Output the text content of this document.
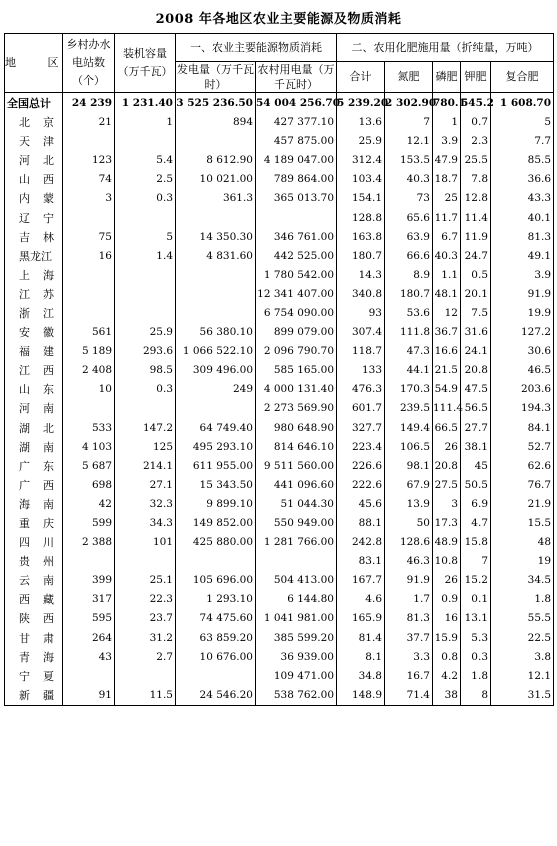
2008 年各地区农业主要能源及物质消耗
地 区	乡村办水电站数（个）	装机容量（万千瓦）	一、农业主要能源物质消耗		二、农用化肥施用量（折纯量，万吨）				
			发电量（万千瓦时）	农村用电量（万千瓦时）	合计	氮肥	磷肥	钾肥	复合肥
全国总计	24 239	1 231.40	3 525 236.50	54 004 256.70	5 239.20	2 302.90	780.1	545.2	1 608.70
北京	21	1	894	427 377.10	13.6	7	1	0.7	5
天津				457 875.00	25.9	12.1	3.9	2.3	7.7
河北	123	5.4	8 612.90	4 189 047.00	312.4	153.5	47.9	25.5	85.5
山西	74	2.5	10 021.00	789 864.00	103.4	40.3	18.7	7.8	36.6
内蒙	3	0.3	361.3	365 013.70	154.1	73	25	12.8	43.3
辽宁					128.8	65.6	11.7	11.4	40.1
吉林	75	5	14 350.30	346 761.00	163.8	63.9	6.7	11.9	81.3
黑龙江	16	1.4	4 831.60	442 525.00	180.7	66.6	40.3	24.7	49.1
上海				1 780 542.00	14.3	8.9	1.1	0.5	3.9
江苏				12 341 407.00	340.8	180.7	48.1	20.1	91.9
浙江				6 754 090.00	93	53.6	12	7.5	19.9
安徽	561	25.9	56 380.10	899 079.00	307.4	111.8	36.7	31.6	127.2
福建	5 189	293.6	1 066 522.10	2 096 790.70	118.7	47.3	16.6	24.1	30.6
江西	2 408	98.5	309 496.00	585 165.00	133	44.1	21.5	20.8	46.5
山东	10	0.3	249	4 000 131.40	476.3	170.3	54.9	47.5	203.6
河南				2 273 569.90	601.7	239.5	111.4	56.5	194.3
湖北	533	147.2	64 749.40	980 648.90	327.7	149.4	66.5	27.7	84.1
湖南	4 103	125	495 293.10	814 646.10	223.4	106.5	26	38.1	52.7
广东	5 687	214.1	611 955.00	9 511 560.00	226.6	98.1	20.8	45	62.6
广西	698	27.1	15 343.50	441 096.60	222.6	67.9	27.5	50.5	76.7
海南	42	32.3	9 899.10	51 044.30	45.6	13.9	3	6.9	21.9
重庆	599	34.3	149 852.00	550 949.00	88.1	50	17.3	4.7	15.5
四川	2 388	101	425 880.00	1 281 766.00	242.8	128.6	48.9	15.8	48
贵州					83.1	46.3	10.8	7	19
云南	399	25.1	105 696.00	504 413.00	167.7	91.9	26	15.2	34.5
西藏	317	22.3	1 293.10	6 144.80	4.6	1.7	0.9	0.1	1.8
陕西	595	23.7	74 475.60	1 041 981.00	165.9	81.3	16	13.1	55.5
甘肃	264	31.2	63 859.20	385 599.20	81.4	37.7	15.9	5.3	22.5
青海	43	2.7	10 676.00	36 939.00	8.1	3.3	0.8	0.3	3.8
宁夏				109 471.00	34.8	16.7	4.2	1.8	12.1
新疆	91	11.5	24 546.20	538 762.00	148.9	71.4	38	8	31.5
